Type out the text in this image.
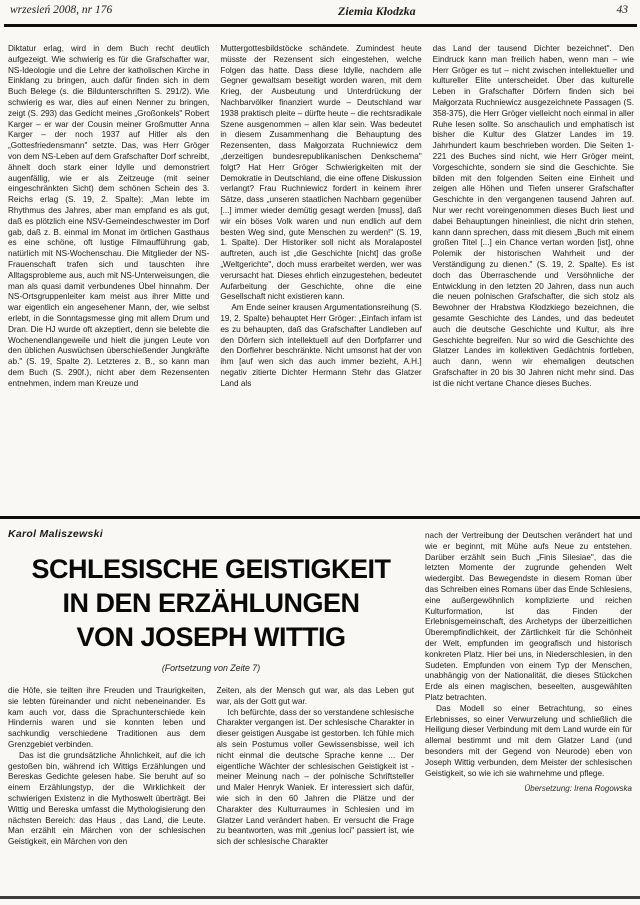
wrzesień 2008, nr 176	Ziemia Kłodzka	43

Diktatur erlag, wird in dem Buch recht deutlich aufgezeigt. Wie schwierig es für die Grafschafter war, NS-Ideologie und die Lehre der katholischen Kirche in Einklang zu bringen, auch dafür finden sich in dem Buch Belege (s. die Bildunterschriften S. 291/2). Wie schwierig es war, dies auf einen Nenner zu bringen, zeigt (S. 293) das Gedicht meines „Großonkels" Robert Karger – er war der Cousin meiner Großmutter Anna Karger – der noch 1937 auf Hitler als den „Gottesfriedensmann" setzte. Das, was Herr Gröger von dem NS-Leben auf dem Grafschafter Dorf schreibt, ähnelt doch stark einer Idylle und demonstriert augenfällig, wie er als Zeitzeuge (mit seiner eingeschränkten Sicht) dem schönen Schein des 3. Reichs erlag (S. 19, 2. Spalte): „Man lebte im Rhythmus des Jahres, aber man empfand es als gut, daß es plötzlich eine NSV-Gemeindeschwester im Dorf gab, daß z. B. einmal im Monat im örtlichen Gasthaus es eine schöne, oft lustige Filmaufführung gab, natürlich mit NS-Wochenschau. Die Mitglieder der NS-Frauenschaft trafen sich und tauschten ihre Alltagsprobleme aus, auch mit NS-Unterweisungen, die man als quasi damit verbundenes Übel hinnahm. Der NS-Ortsgruppenleiter kam meist aus ihrer Mitte und war eigentlich ein angesehener Mann, der, wie selbst erlebt, in die Sonntagsmesse ging mit allem Drum und Dran. Die HJ wurde oft akzeptiert, denn sie belebte die Wochenendlangeweile und hielt die jungen Leute von den üblichen Auswüchsen überschießender Jungkräfte ab." (S. 19, Spalte 2). Letzteres z. B., so kann man dem Buch (S. 290f.), nicht aber dem Rezensenten entnehmen, indem man Kreuze und

Muttergottesbildstöcke schändete. Zumindest heute müsste der Rezensent sich eingestehen, welche Folgen das hatte. Dass diese Idylle, nachdem alle Gegner gewaltsam beseitigt worden waren, mit dem Krieg, der Ausbeutung und Unterdrückung der Nachbarvölker finanziert wurde – Deutschland war 1938 praktisch pleite – dürfte heute – die rechtsradikale Szene ausgenommen – allen klar sein. Was bedeutet in diesem Zusammenhang die Behauptung des Rezensenten, dass Małgorzata Ruchniewicz dem „derzeitigen bundesrepublikanischen Denkschema" folgt? Hat Herr Gröger Schwierigkeiten mit der Demokratie in Deutschland, die eine offene Diskussion verlangt? Frau Ruchniewicz fordert in keinem ihrer Sätze, dass „unseren staatlichen Nachbarn gegenüber [...] immer wieder demütig gesagt werden [muss], daß wir ein böses Volk waren und nun endlich auf dem besten Weg sind, gute Menschen zu werden!" (S. 19, 1. Spalte). Der Historiker soll nicht als Moralapostel auftreten, auch ist „die Geschichte [nicht] das große „Weltgerichte", doch muss erarbeitet werden, wer was verursacht hat. Dieses ehrlich einzugestehen, bedeutet Aufarbeitung der Geschichte, ohne die eine Gesellschaft nicht existieren kann.

Am Ende seiner krausen Argumentationsreihung (S. 19, 2. Spalte) behauptet Herr Gröger: „Einfach infam ist es zu behaupten, daß das Grafschafter Landleben auf den Dörfern sich intellektuell auf den Dorfpfarrer und den Dorflehrer beschränkte. Nicht umsonst hat der von ihm [auf wen sich das auch immer bezieht, A.H.] negativ zitierte Dichter Hermann Stehr das Glatzer Land als

das Land der tausend Dichter bezeichnet". Den Eindruck kann man freilich haben, wenn man – wie Herr Gröger es tut – nicht zwischen intellektueller und kultureller Elite unterscheidet. Über das kulturelle Leben in Grafschafter Dörfern finden sich bei Małgorzata Ruchniewicz ausgezeichnete Passagen (S. 358-375), die Herr Gröger vielleicht noch einmal in aller Ruhe lesen sollte. So anschaulich und emphatisch ist bisher die Kultur des Glatzer Landes im 19. Jahrhundert kaum beschrieben worden. Die Seiten 1-221 des Buches sind nicht, wie Herr Gröger meint, Vorgeschichte, sondern sie sind die Geschichte. Sie bilden mit den folgenden Seiten eine Einheit und zeigen alle Höhen und Tiefen unserer Grafschafter Geschichte in den vergangenen tausend Jahren auf. Nur wer recht voreingenommen dieses Buch liest und dabei Behauptungen hineinliest, die nicht drin stehen, kann dann sprechen, dass mit diesem „Buch mit einem großen Titel [...] ein Chance vertan worden [ist], ohne Polemik der historischen Wahrheit und der Verständigung zu dienen." (S. 19, 2. Spalte). Es ist doch das Überraschende und Versöhnliche der Entwicklung in den letzten 20 Jahren, dass nun auch die neuen polnischen Grafschafter, die sich stolz als Bewohner der Hrabstwa Kłodzkiego bezeichnen, die gesamte Geschichte des Landes, und das bedeutet auch die deutsche Geschichte und Kultur, als ihre Geschichte begreifen. Nur so wird die Geschichte des Glatzer Landes im kollektiven Gedächtnis fortleben, auch dann, wenn wir ehemaligen deutschen Grafschafter in 20 bis 30 Jahren nicht mehr sind. Das ist die nicht vertane Chance dieses Buches.

Karol Maliszewski
SCHLESISCHE GEISTIGKEIT
IN DEN ERZÄHLUNGEN
VON JOSEPH WITTIG
(Fortsetzung von Zeite 7)

die Höfe, sie teilten ihre Freuden und Traurigkeiten, sie lebten füreinander und nicht nebeneinander. Es kam auch vor, dass die Sprachunterschiede kein Hindernis waren und sie konnten leben und sachkundig verschiedene Traditionen aus dem Grenzgebiet verbinden.

Das ist die grundsätzliche Ähnlichkeit, auf die ich gestoßen bin, während ich Wittigs Erzählungen und Bereskas Gedichte gelesen habe. Sie beruht auf so einem Erzählungstyp, der die Wirklichkeit der schwierigen Existenz in die Mythoswelt überträgt. Bei Wittig und Bereska umfasst die Mythologisierung den nächsten Bereich: das Haus , das Land, die Leute. Man erzählt ein Märchen von der schlesischen Geistigkeit, ein Märchen von den

Zeiten, als der Mensch gut war, als das Leben gut war, als der Gott gut war.

Ich befürchte, dass der so verstandene schlesische Charakter vergangen ist. Der schlesische Charakter in dieser geistigen Ausgabe ist gestorben. Ich fühle mich als sein Postumus voller Gewissensbisse, weil ich nicht einmal die deutsche Sprache kenne ... Der eigentliche Wächter der schlesischen Geistigkeit ist - meiner Meinung nach – der polnische Schriftsteller und Maler Henryk Waniek. Er interessiert sich dafür, wie sich in den 60 Jahren die Plätze und der Charakter des Kulturraumes in Schlesien und im Glatzer Land verändert haben. Er versucht die Frage zu beantworten, was mit „genius loci" passiert ist, wie sich der schlesische Charakter

nach der Vertreibung der Deutschen verändert hat und wie er beginnt, mit Mühe aufs Neue zu entstehen. Darüber erzählt sein Buch „Finis Silesiae", das die letzten Momente der zugrunde gehenden Welt wiedergibt. Das Bewegendste in diesem Roman über das Schreiben eines Romans über das Ende Schlesiens, eine außergewöhnlich komplizierte und reichen Kulturformation, ist das Finden der Erlebnisgemeinschaft, des Archetyps der überzeitlichen Überempfindlichkeit, der Zärtlichkeit für die Schönheit der Welt, empfunden im geografisch und historisch konkreten Platz. Hier bei uns, in Niederschlesien, in den Sudeten. Empfunden von einem Typ der Menschen, unabhängig von der Nationalität, die dieses Stückchen Erde als einen magischen, beseelten, ausgewählten Platz betrachten.

Das Modell so einer Betrachtung, so eines Erlebnisses, so einer Verwurzelung und schließlich die Heiligung dieser Verbindung mit dem Land wurde ein für allemal bestimmt und mit dem Glatzer Land (und besonders mit der Gegend von Neurode) eben von Joseph Wittig verbunden, dem Meister der schlesischen Geistigkeit, so wie ich sie wahrnehme und pflege.

Übersetzung: Irena Rogowska
